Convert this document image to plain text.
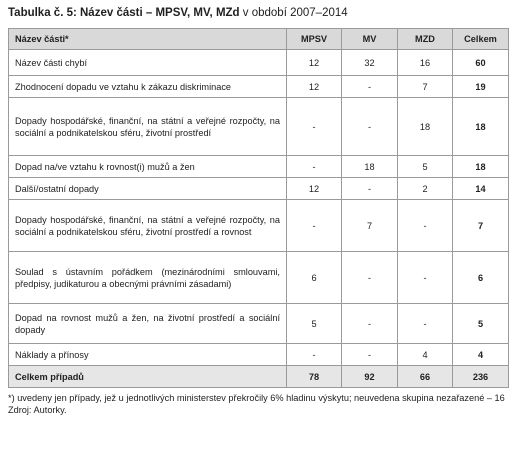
Tabulka č. 5: Název části – MPSV, MV, MZd v období 2007–2014
Název části*	MPSV	MV	MZD	Celkem
Název části chybí	12	32	16	60
Zhodnocení dopadu ve vztahu k zákazu diskriminace	12	-	7	19
Dopady hospodářské, finanční, na státní a veřejné rozpočty, na sociální a podnikatelskou sféru, životní prostředí	-	-	18	18
Dopad na/ve vztahu k rovnost(i) mužů a žen	-	18	5	18
Další/ostatní dopady	12	-	2	14
Dopady hospodářské, finanční, na státní a veřejné rozpočty, na sociální a podnikatelskou sféru, životní prostředí a rovnost	-	7	-	7
Soulad s ústavním pořádkem (mezinárodními smlouvami, předpisy, judikaturou a obecnými právními zásadami)	6	-	-	6
Dopad na rovnost mužů a žen, na životní prostředí a sociální dopady	5	-	-	5
Náklady a přínosy	-	-	4	4
Celkem případů	78	92	66	236
*) uvedeny jen případy, jež u jednotlivých ministerstev překročily 6% hladinu výskytu; neuvedena skupina nezařazené – 16
Zdroj: Autorky.
